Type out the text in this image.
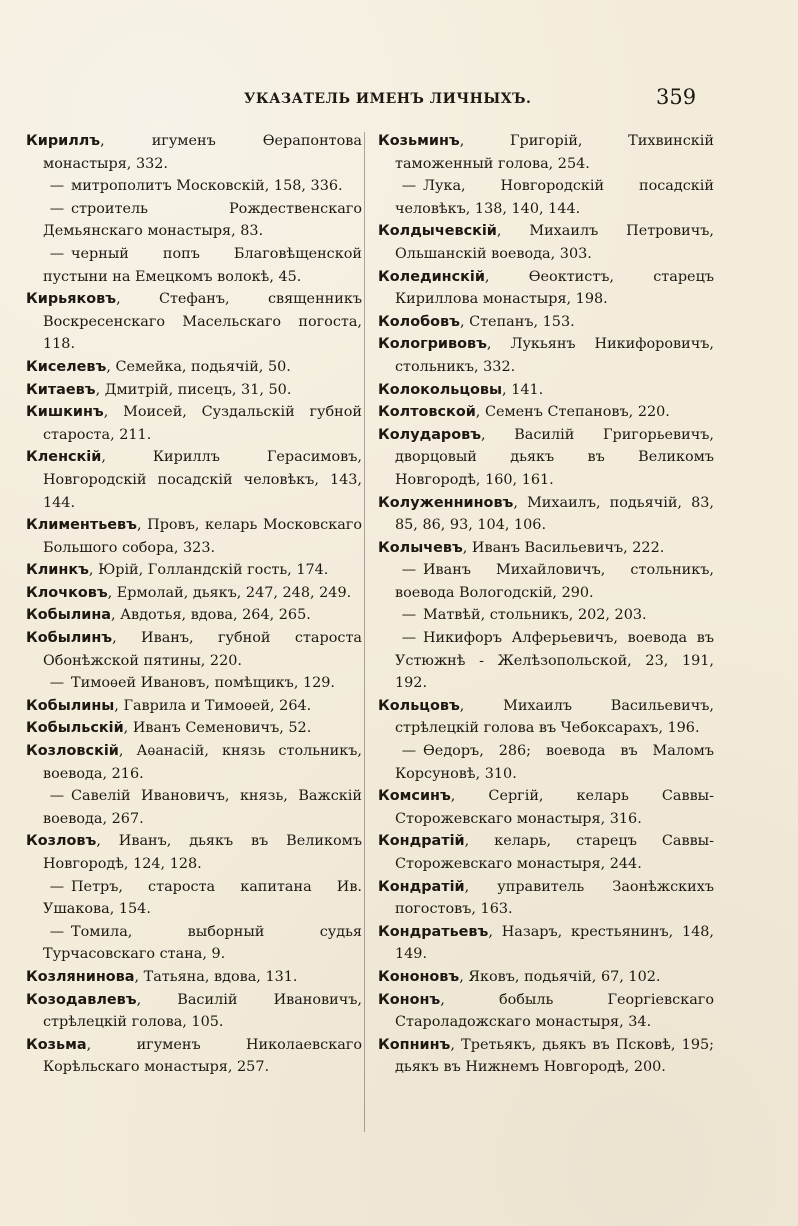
УКАЗАТЕЛЬ ИМЕНЪ ЛИЧНЫХЪ.	359

Кириллъ, игуменъ Ѳерапонтова монастыря, 332.

— митрополитъ Московскій, 158, 336.

— строитель Рождественскаго Демьянскаго монастыря, 83.

— черный попъ Благовѣщенской пустыни на Емецкомъ волокѣ, 45.

Кирьяковъ, Стефанъ, священникъ Воскресенскаго Масельскаго погоста, 118.

Киселевъ, Семейка, подьячій, 50.

Китаевъ, Дмитрій, писецъ, 31, 50.

Кишкинъ, Моисей, Суздальскій губной староста, 211.

Кленскій, Кириллъ Герасимовъ, Новгородскій посадскій человѣкъ, 143, 144.

Климентьевъ, Провъ, келарь Московскаго Большого собора, 323.

Клинкъ, Юрій, Голландскій гость, 174.

Клочковъ, Ермолай, дьякъ, 247, 248, 249.

Кобылина, Авдотья, вдова, 264, 265.

Кобылинъ, Иванъ, губной староста Обонѣжской пятины, 220.

— Тимоѳей Ивановъ, помѣщикъ, 129.

Кобылины, Гаврила и Тимоѳей, 264.

Кобыльскій, Иванъ Семеновичъ, 52.

Козловскій, Аѳанасій, князь стольникъ, воевода, 216.

— Савелій Ивановичъ, князь, Важскій воевода, 267.

Козловъ, Иванъ, дьякъ въ Великомъ Новгородѣ, 124, 128.

— Петръ, староста капитана Ив. Ушакова, 154.

— Томила, выборный судья Турчасовскаго стана, 9.

Козлянинова, Татьяна, вдова, 131.

Козодавлевъ, Василій Ивановичъ, стрѣлецкій голова, 105.

Козьма, игуменъ Николаевскаго Корѣльскаго монастыря, 257.

Козьминъ, Григорій, Тихвинскій таможенный голова, 254.

— Лука, Новгородскій посадскій человѣкъ, 138, 140, 144.

Колдычевскій, Михаилъ Петровичъ, Ольшанскій воевода, 303.

Колединскій, Ѳеоктистъ, старецъ Кириллова монастыря, 198.

Колобовъ, Степанъ, 153.

Кологривовъ, Лукьянъ Никифоровичъ, стольникъ, 332.

Колокольцовы, 141.

Колтовской, Семенъ Степановъ, 220.

Колударовъ, Василій Григорьевичъ, дворцовый дьякъ въ Великомъ Новгородѣ, 160, 161.

Колуженниновъ, Михаилъ, подьячій, 83, 85, 86, 93, 104, 106.

Колычевъ, Иванъ Васильевичъ, 222.

— Иванъ Михайловичъ, стольникъ, воевода Вологодскій, 290.

— Матвѣй, стольникъ, 202, 203.

— Никифоръ Алферьевичъ, воевода въ Устюжнѣ - Желѣзопольской, 23, 191, 192.

Кольцовъ, Михаилъ Васильевичъ, стрѣлецкій голова въ Чебоксарахъ, 196.

— Ѳедоръ, 286; воевода въ Маломъ Корсуновѣ, 310.

Комсинъ, Сергій, келарь Саввы-Сторожевскаго монастыря, 316.

Кондратій, келарь, старецъ Саввы-Сторожевскаго монастыря, 244.

Кондратій, управитель Заонѣжскихъ погостовъ, 163.

Кондратьевъ, Назаръ, крестьянинъ, 148, 149.

Кононовъ, Яковъ, подьячій, 67, 102.

Кононъ, бобыль Георгіевскаго Староладожскаго монастыря, 34.

Копнинъ, Третьякъ, дьякъ въ Псковѣ, 195; дьякъ въ Нижнемъ Новгородѣ, 200.
